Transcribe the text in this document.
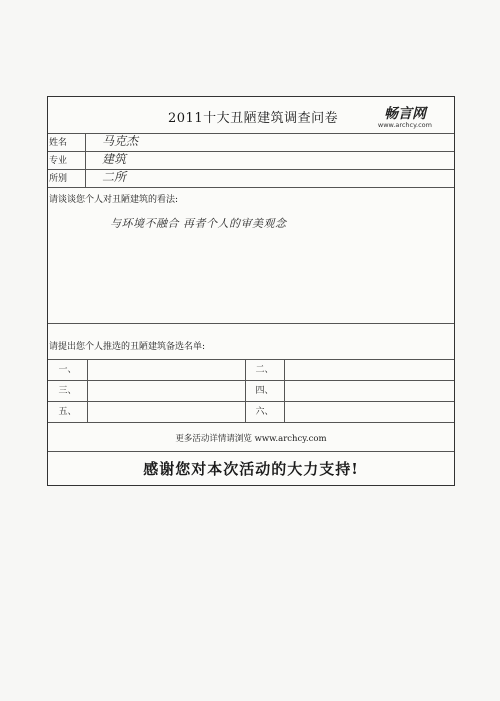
2011十大丑陋建筑调查问卷	畅言网
www.archcy.com
姓名	马克杰
专业	建筑
所别	二所
请谈谈您个人对丑陋建筑的看法:
与环境不融合 再者个人的审美观念
请提出您个人推选的丑陋建筑备选名单:
一、	二、
三、	四、
五、	六、
更多活动详情请浏览 www.archcy.com
感谢您对本次活动的大力支持!
